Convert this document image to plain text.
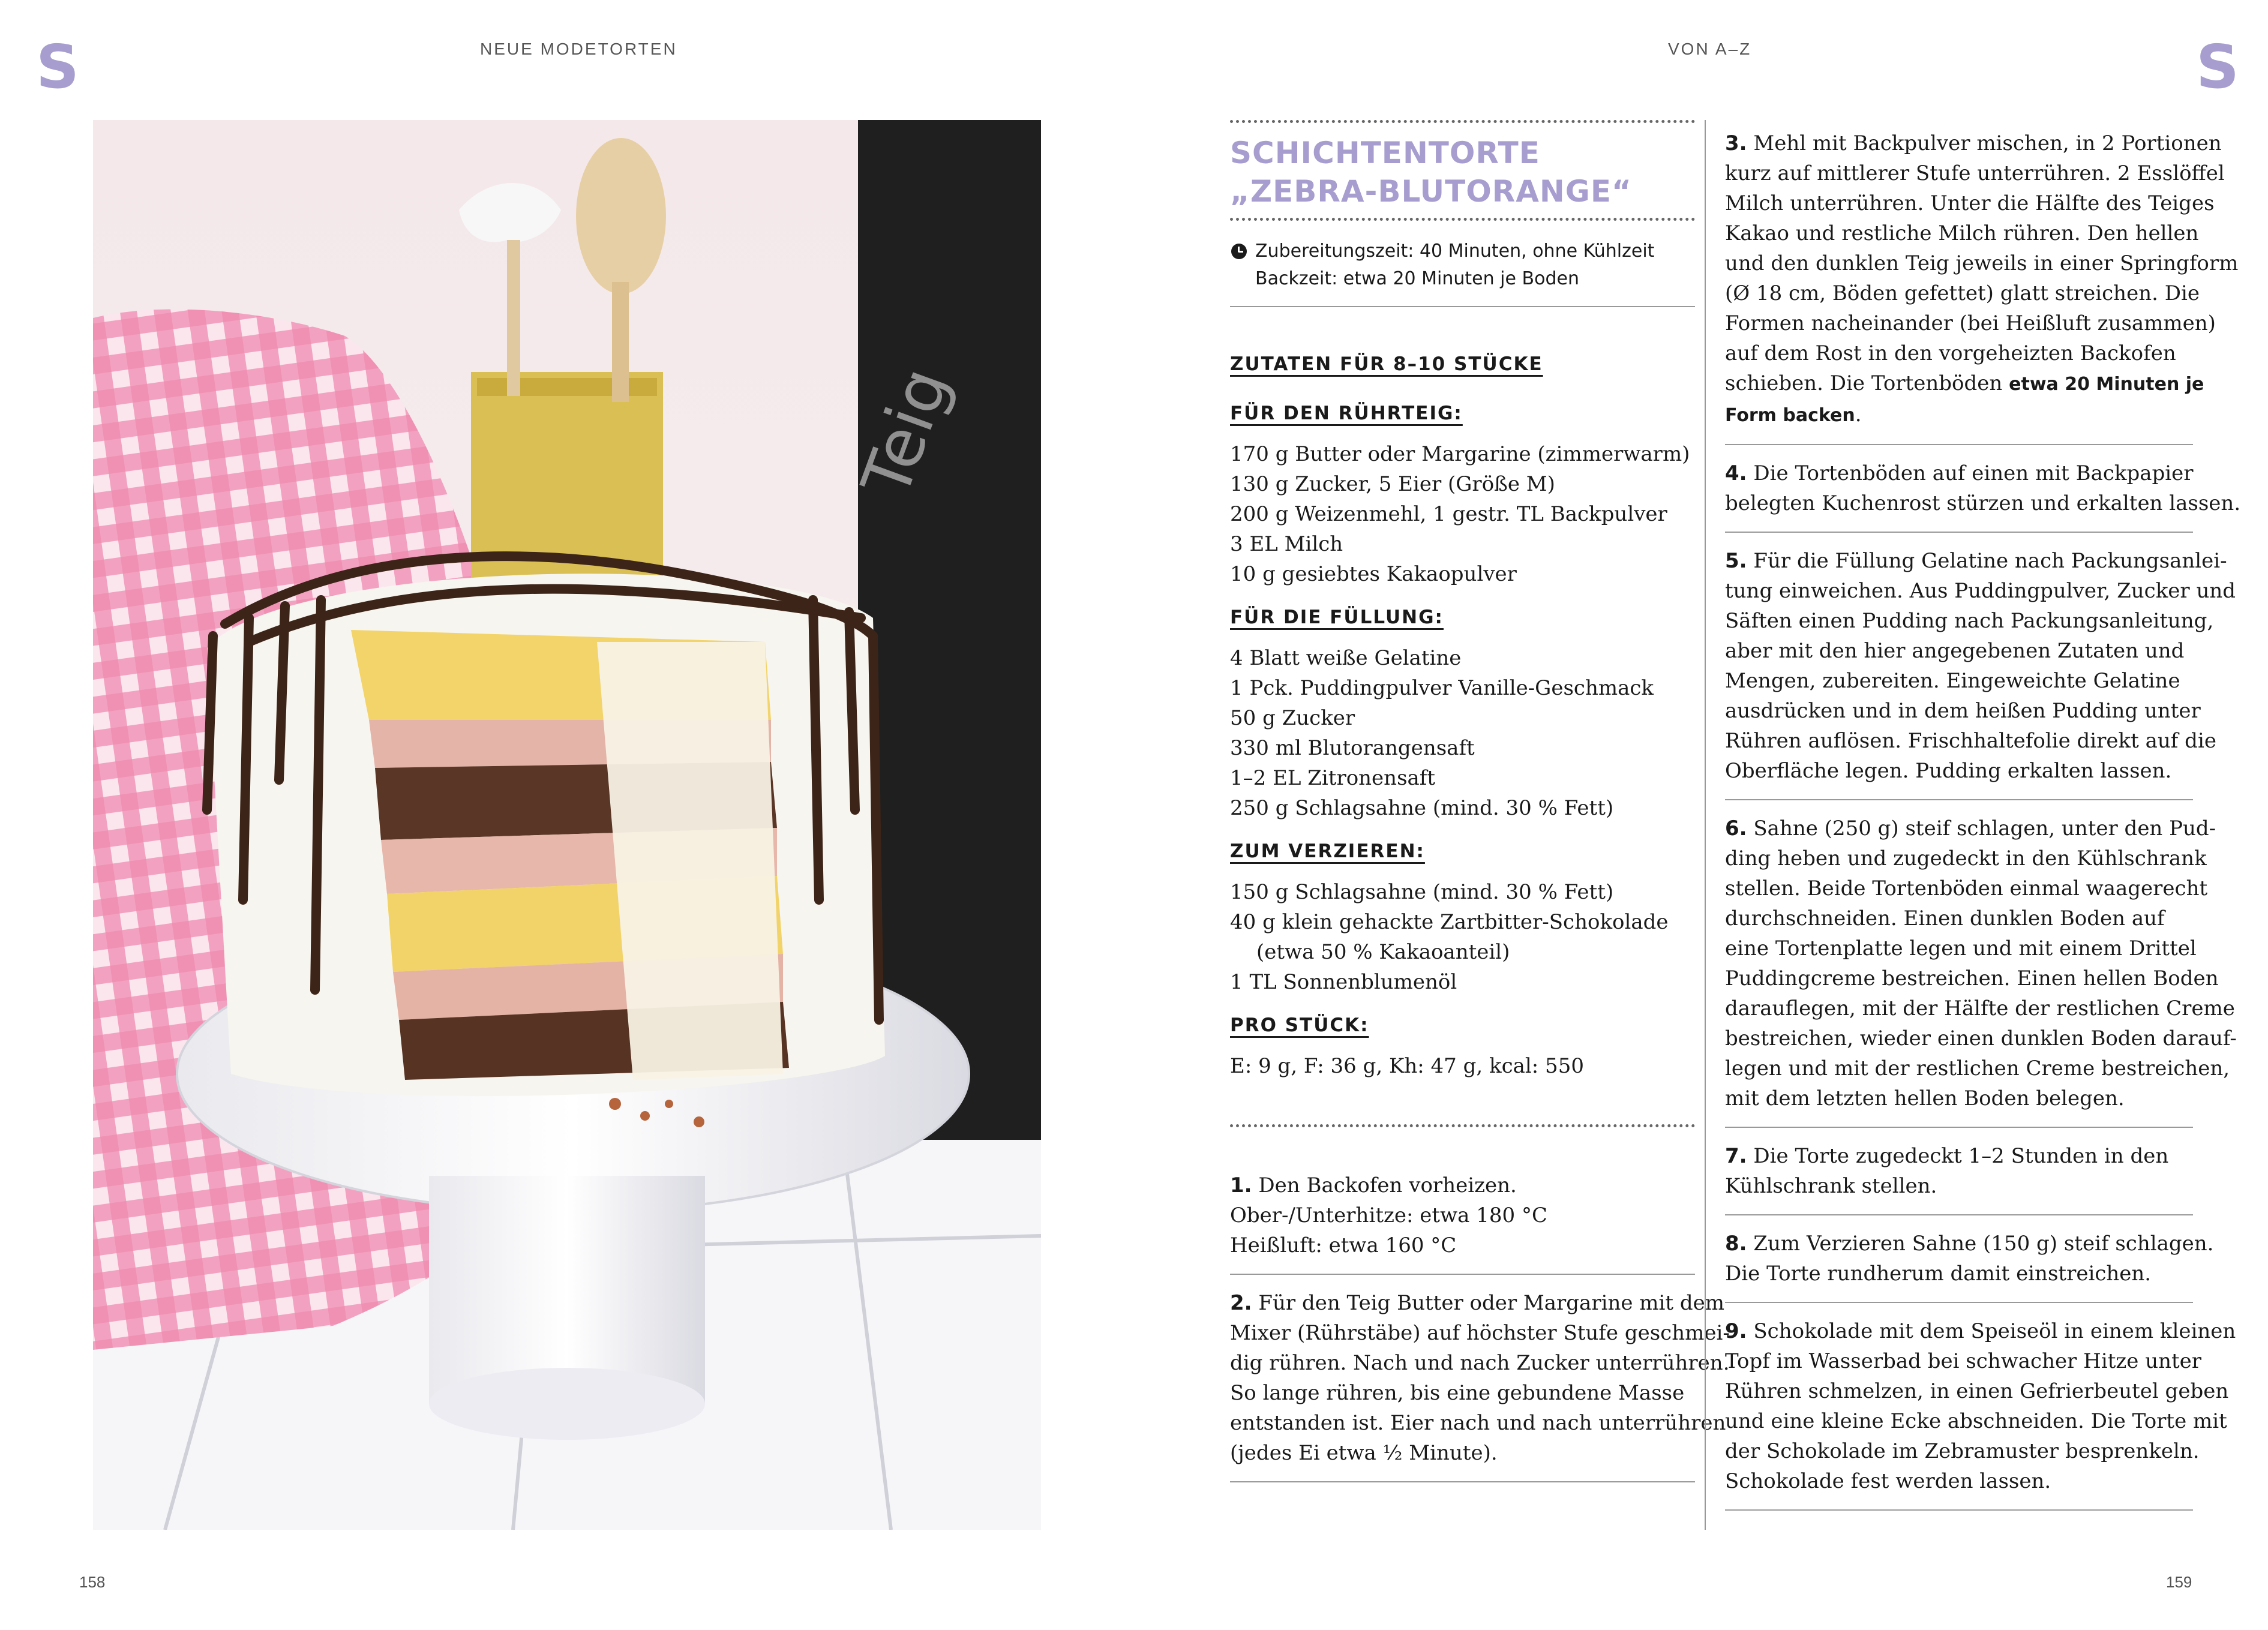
S	NEUE MODETORTEN	VON A–Z	S
Teig
SCHICHTENTORTE
„ZEBRA-BLUTORANGE“
Zubereitungszeit: 40 Minuten, ohne Kühlzeit
Backzeit: etwa 20 Minuten je Boden
ZUTATEN FÜR 8–10 STÜCKE
FÜR DEN RÜHRTEIG:
170 g Butter oder Margarine (zimmerwarm)
130 g Zucker, 5 Eier (Größe M)
200 g Weizenmehl, 1 gestr. TL Backpulver
3 EL Milch
10 g gesiebtes Kakaopulver
FÜR DIE FÜLLUNG:
4 Blatt weiße Gelatine
1 Pck. Puddingpulver Vanille-Geschmack
50 g Zucker
330 ml Blutorangensaft
1–2 EL Zitronensaft
250 g Schlagsahne (mind. 30 % Fett)
ZUM VERZIEREN:
150 g Schlagsahne (mind. 30 % Fett)
40 g klein gehackte Zartbitter-Schokolade
(etwa 50 % Kakaoanteil)
1 TL Sonnenblumenöl
PRO STÜCK:
E: 9 g, F: 36 g, Kh: 47 g, kcal: 550
1. Den Backofen vorheizen.
Ober-/Unterhitze: etwa 180 °C
Heißluft: etwa 160 °C
2. Für den Teig Butter oder Margarine mit dem
Mixer (Rührstäbe) auf höchster Stufe geschmei-
dig rühren. Nach und nach Zucker unterrühren.
So lange rühren, bis eine gebundene Masse
entstanden ist. Eier nach und nach unterrühren
(jedes Ei etwa ½ Minute).
3. Mehl mit Backpulver mischen, in 2 Portionen
kurz auf mittlerer Stufe unterrühren. 2 Esslöffel
Milch unterrühren. Unter die Hälfte des Teiges
Kakao und restliche Milch rühren. Den hellen
und den dunklen Teig jeweils in einer Springform
(Ø 18 cm, Böden gefettet) glatt streichen. Die
Formen nacheinander (bei Heißluft zusammen)
auf dem Rost in den vorgeheizten Backofen
schieben. Die Tortenböden etwa 20 Minuten je
Form backen.
4. Die Tortenböden auf einen mit Backpapier
belegten Kuchenrost stürzen und erkalten lassen.
5. Für die Füllung Gelatine nach Packungsanlei-
tung einweichen. Aus Puddingpulver, Zucker und
Säften einen Pudding nach Packungsanleitung,
aber mit den hier angegebenen Zutaten und
Mengen, zubereiten. Eingeweichte Gelatine
ausdrücken und in dem heißen Pudding unter
Rühren auflösen. Frischhaltefolie direkt auf die
Oberfläche legen. Pudding erkalten lassen.
6. Sahne (250 g) steif schlagen, unter den Pud-
ding heben und zugedeckt in den Kühlschrank
stellen. Beide Tortenböden einmal waagerecht
durchschneiden. Einen dunklen Boden auf
eine Tortenplatte legen und mit einem Drittel
Puddingcreme bestreichen. Einen hellen Boden
darauflegen, mit der Hälfte der restlichen Creme
bestreichen, wieder einen dunklen Boden darauf-
legen und mit der restlichen Creme bestreichen,
mit dem letzten hellen Boden belegen.
7. Die Torte zugedeckt 1–2 Stunden in den
Kühlschrank stellen.
8. Zum Verzieren Sahne (150 g) steif schlagen.
Die Torte rundherum damit einstreichen.
9. Schokolade mit dem Speiseöl in einem kleinen
Topf im Wasserbad bei schwacher Hitze unter
Rühren schmelzen, in einen Gefrierbeutel geben
und eine kleine Ecke abschneiden. Die Torte mit
der Schokolade im Zebramuster besprenkeln.
Schokolade fest werden lassen.
158	159
